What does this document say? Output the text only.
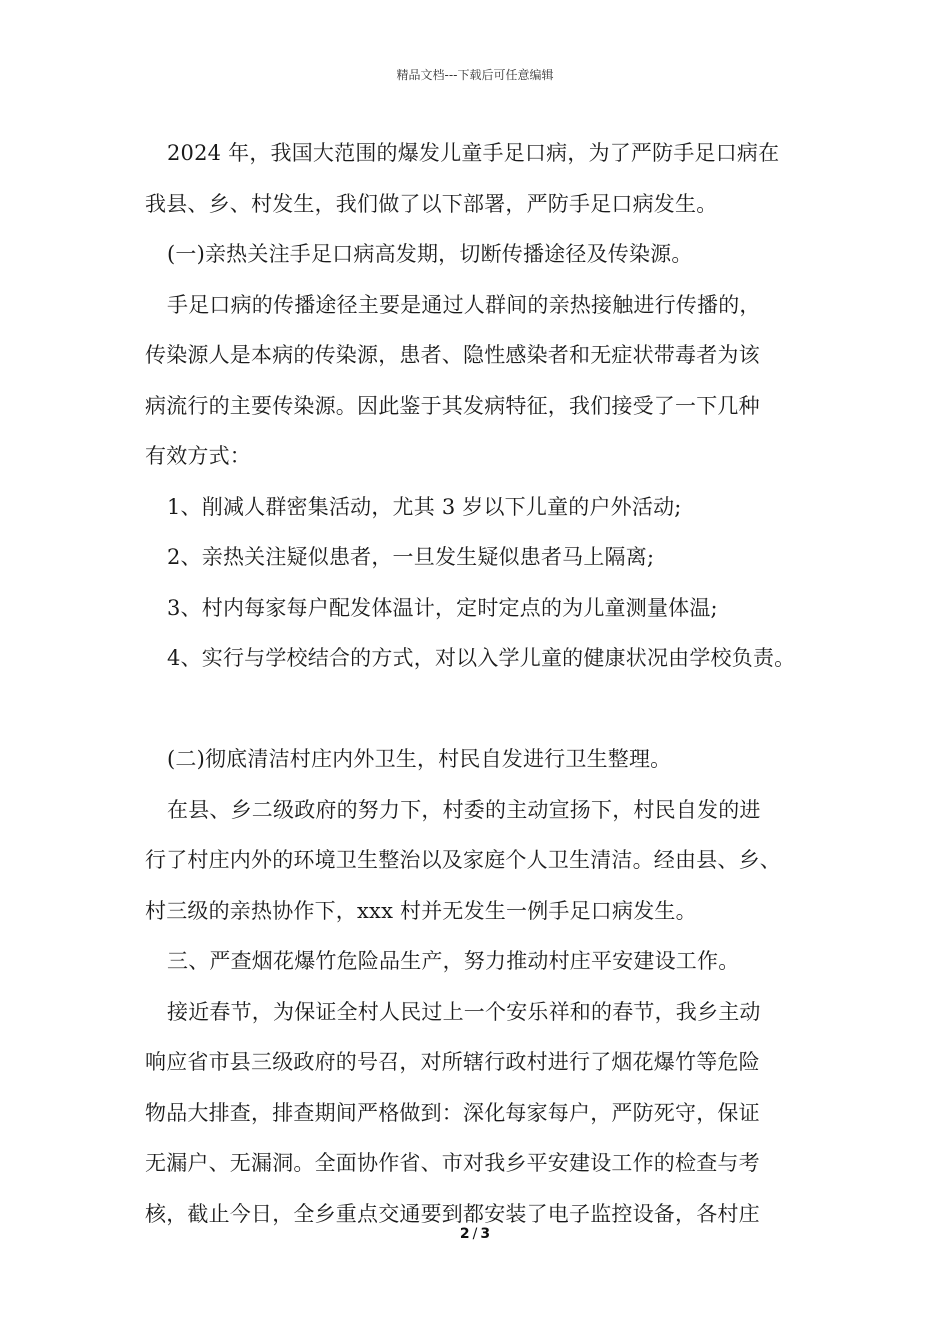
精品文档---下载后可任意编辑
2024 年，我国大范围的爆发儿童手足口病，为了严防手足口病在
我县、乡、村发生，我们做了以下部署，严防手足口病发生。
(一)亲热关注手足口病高发期，切断传播途径及传染源。
手足口病的传播途径主要是通过人群间的亲热接触进行传播的，
传染源人是本病的传染源，患者、隐性感染者和无症状带毒者为该
病流行的主要传染源。因此鉴于其发病特征，我们接受了一下几种
有效方式：
1、削减人群密集活动，尤其 3 岁以下儿童的户外活动;
2、亲热关注疑似患者，一旦发生疑似患者马上隔离;
3、村内每家每户配发体温计，定时定点的为儿童测量体温;
4、实行与学校结合的方式，对以入学儿童的健康状况由学校负责。
(二)彻底清洁村庄内外卫生，村民自发进行卫生整理。
在县、乡二级政府的努力下，村委的主动宣扬下，村民自发的进
行了村庄内外的环境卫生整治以及家庭个人卫生清洁。经由县、乡、
村三级的亲热协作下，xxx 村并无发生一例手足口病发生。
三、严查烟花爆竹危险品生产，努力推动村庄平安建设工作。
接近春节，为保证全村人民过上一个安乐祥和的春节，我乡主动
响应省市县三级政府的号召，对所辖行政村进行了烟花爆竹等危险
物品大排查，排查期间严格做到：深化每家每户，严防死守，保证
无漏户、无漏洞。全面协作省、市对我乡平安建设工作的检查与考
核，截止今日，全乡重点交通要到都安装了电子监控设备，各村庄
2 / 3
